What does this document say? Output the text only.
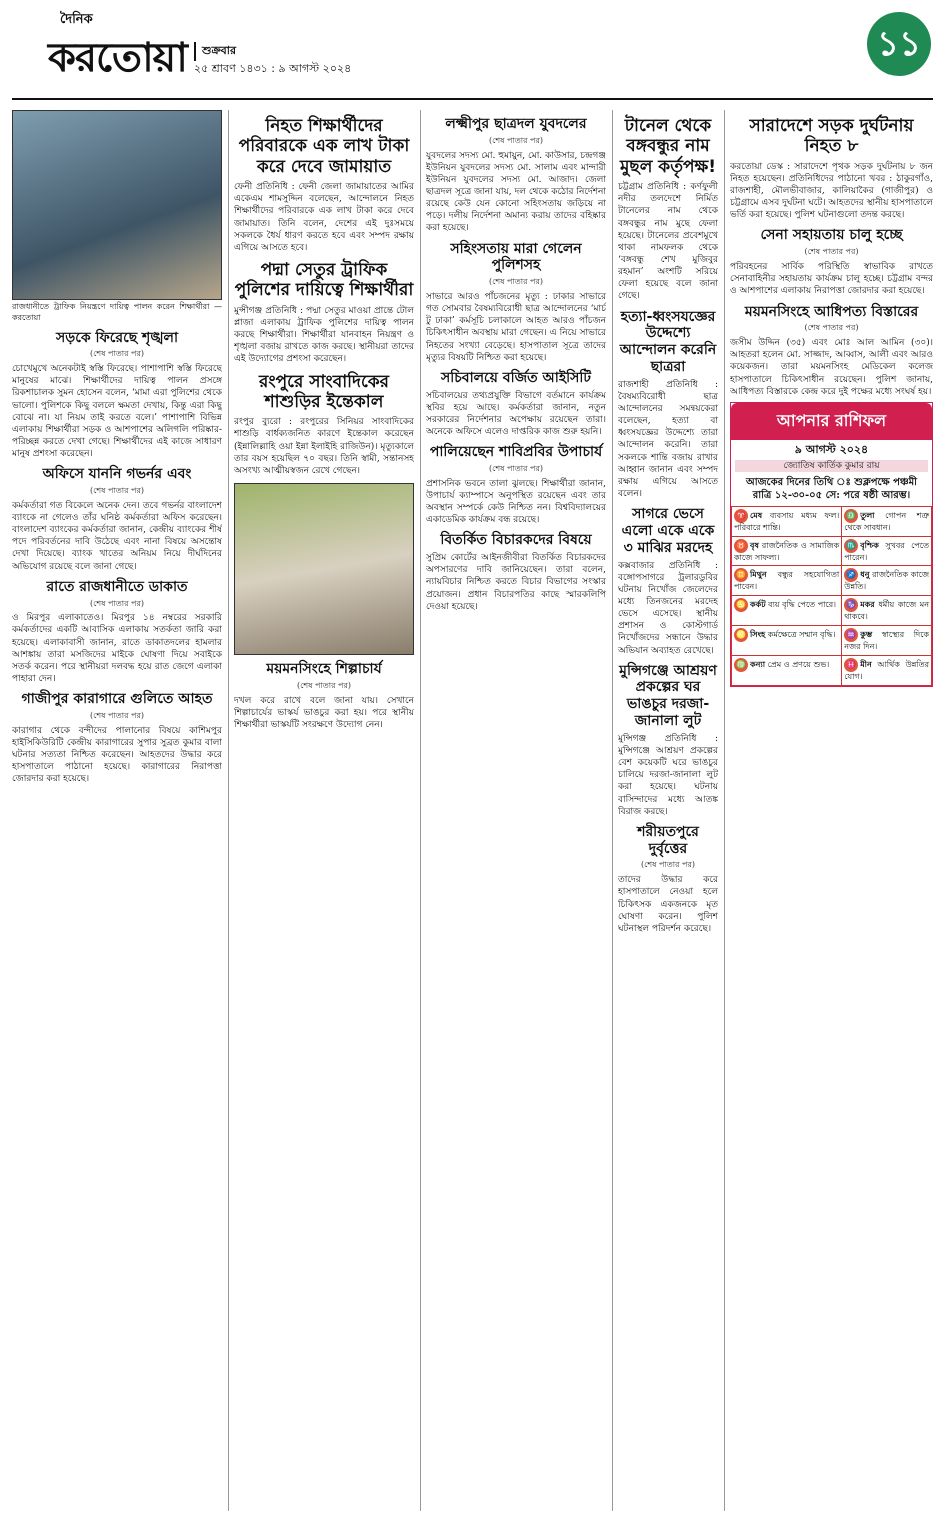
দৈনিক
করতোয়া	শুক্রবার
২৫ শ্রাবণ ১৪৩১ : ৯ আগস্ট ২০২৪
১১
রাজধানীতে ট্রাফিক নিয়ন্ত্রণে দায়িত্ব পালন করেন শিক্ষার্থীরা —করতোয়া
সড়কে ফিরেছে শৃঙ্খলা
(শেষ পাতার পর)

চোখেমুখে অনেকটাই স্বস্তি ফিরেছে। পাশাপাশি স্বস্তি ফিরেছে মানুষের মাঝে। শিক্ষার্থীদের দায়িত্ব পালন প্রসঙ্গে রিকশাচালক সুমন হোসেন বলেন, ‘মামা এরা পুলিশের থেকে ভালো। পুলিশকে কিছু বললে ক্ষমতা দেখায়, কিন্তু এরা কিছু বোঝে না। যা নিয়ম তাই করতে বলে।’ পাশাপাশি বিভিন্ন এলাকায় শিক্ষার্থীরা সড়ক ও আশপাশের অলিগলি পরিষ্কার-পরিচ্ছন্ন করতে দেখা গেছে। শিক্ষার্থীদের এই কাজে সাধারণ মানুষ প্রশংসা করেছেন।

অফিসে যাননি গভর্নর এবং
(শেষ পাতার পর)

কর্মকর্তারা গত বিকেলে অনেক দেন। তবে গভর্নর বাংলাদেশ ব্যাংকে না গেলেও তাঁর ঘনিষ্ঠ কর্মকর্তারা অফিস করেছেন। বাংলাদেশ ব্যাংকের কর্মকর্তারা জানান, কেন্দ্রীয় ব্যাংকের শীর্ষ পদে পরিবর্তনের দাবি উঠেছে এবং নানা বিষয়ে অসন্তোষ দেখা দিয়েছে। ব্যাংক খাতের অনিয়ম নিয়ে দীর্ঘদিনের অভিযোগ রয়েছে বলে জানা গেছে।

রাতে রাজধানীতে ডাকাত
(শেষ পাতার পর)

ও মিরপুর এলাকাতেও। মিরপুর ১৪ নম্বরের সরকারি কর্মকর্তাদের একটি আবাসিক এলাকায় সতর্কতা জারি করা হয়েছে। এলাকাবাসী জানান, রাতে ডাকাতদলের হামলার আশঙ্কায় তারা মসজিদের মাইকে ঘোষণা দিয়ে সবাইকে সতর্ক করেন। পরে স্থানীয়রা দলবদ্ধ হয়ে রাত জেগে এলাকা পাহারা দেন।

গাজীপুর কারাগারে গুলিতে আহত
(শেষ পাতার পর)

কারাগার থেকে বন্দীদের পালানোর বিষয়ে কাশিমপুর হাইসিকিউরিটি কেন্দ্রীয় কারাগারের সুপার সুব্রত কুমার বালা ঘটনার সত্যতা নিশ্চিত করেছেন। আহতদের উদ্ধার করে হাসপাতালে পাঠানো হয়েছে। কারাগারের নিরাপত্তা জোরদার করা হয়েছে।

নিহত শিক্ষার্থীদের পরিবারকে এক লাখ টাকা করে দেবে জামায়াত

ফেনী প্রতিনিধি : ফেনী জেলা জামায়াতের আমির একেএম শামসুদ্দিন বলেছেন, আন্দোলনে নিহত শিক্ষার্থীদের পরিবারকে এক লাখ টাকা করে দেবে জামায়াত। তিনি বলেন, দেশের এই দুঃসময়ে সকলকে ধৈর্য ধারণ করতে হবে এবং সম্পদ রক্ষায় এগিয়ে আসতে হবে।

পদ্মা সেতুর ট্রাফিক পুলিশের দায়িত্বে শিক্ষার্থীরা

মুন্সীগঞ্জ প্রতিনিধি : পদ্মা সেতুর মাওয়া প্রান্তে টোল প্লাজা এলাকায় ট্রাফিক পুলিশের দায়িত্ব পালন করছে শিক্ষার্থীরা। শিক্ষার্থীরা যানবাহন নিয়ন্ত্রণ ও শৃঙ্খলা বজায় রাখতে কাজ করছে। স্থানীয়রা তাদের এই উদ্যোগের প্রশংসা করেছেন।

রংপুরে সাংবাদিকের শাশুড়ির ইন্তেকাল

রংপুর ব্যুরো : রংপুরের সিনিয়র সাংবাদিকের শাশুড়ি বার্ধক্যজনিত কারণে ইন্তেকাল করেছেন (ইন্নালিল্লাহি ওয়া ইন্না ইলাইহি রাজিউন)। মৃত্যুকালে তার বয়স হয়েছিল ৭০ বছর। তিনি স্বামী, সন্তানসহ অসংখ্য আত্মীয়স্বজন রেখে গেছেন।

ময়মনসিংহে শিল্পাচার্য
(শেষ পাতার পর)

দখল করে রাখে বলে জানা যায়। সেখানে শিল্পাচার্যের ভাস্কর্য ভাঙচুর করা হয়। পরে স্থানীয় শিক্ষার্থীরা ভাস্কর্যটি সংরক্ষণে উদ্যোগ নেন।

লক্ষ্মীপুর ছাত্রদল যুবদলের
(শেষ পাতার পর)

যুবদলের সদস্য মো. হুমায়ুন, মো. কাউসার, চন্দ্রগঞ্জ ইউনিয়ন যুবদলের সদস্য মো. সালাম এবং মান্দারী ইউনিয়ন যুবদলের সদস্য মো. আজাদ। জেলা ছাত্রদল সূত্রে জানা যায়, দল থেকে কঠোর নির্দেশনা রয়েছে কেউ যেন কোনো সহিংসতায় জড়িয়ে না পড়ে। দলীয় নির্দেশনা অমান্য করায় তাদের বহিষ্কার করা হয়েছে।

সহিংসতায় মারা গেলেন পুলিশসহ
(শেষ পাতার পর)

সাভারে আরও পাঁচজনের মৃত্যু : ঢাকার সাভারে গত সোমবার বৈষম্যবিরোধী ছাত্র আন্দোলনের ‘মার্চ টু ঢাকা’ কর্মসূচি চলাকালে আহত আরও পাঁচজন চিকিৎসাধীন অবস্থায় মারা গেছেন। এ নিয়ে সাভারে নিহতের সংখ্যা বেড়েছে। হাসপাতাল সূত্রে তাদের মৃত্যুর বিষয়টি নিশ্চিত করা হয়েছে।

সচিবালয়ে বর্জিত আইসিটি

সচিবালয়ের তথ্যপ্রযুক্তি বিভাগে বর্তমানে কার্যক্রম স্থবির হয়ে আছে। কর্মকর্তারা জানান, নতুন সরকারের নির্দেশনার অপেক্ষায় রয়েছেন তারা। অনেকে অফিসে এলেও দাপ্তরিক কাজ শুরু হয়নি।

পালিয়েছেন শাবিপ্রবির উপাচার্য
(শেষ পাতার পর)

প্রশাসনিক ভবনে তালা ঝুলছে। শিক্ষার্থীরা জানান, উপাচার্য ক্যাম্পাসে অনুপস্থিত রয়েছেন এবং তার অবস্থান সম্পর্কে কেউ নিশ্চিত নন। বিশ্ববিদ্যালয়ের একাডেমিক কার্যক্রম বন্ধ রয়েছে।

বিতর্কিত বিচারকদের বিষয়ে

সুপ্রিম কোর্টের আইনজীবীরা বিতর্কিত বিচারকদের অপসারণের দাবি জানিয়েছেন। তারা বলেন, ন্যায়বিচার নিশ্চিত করতে বিচার বিভাগের সংস্কার প্রয়োজন। প্রধান বিচারপতির কাছে স্মারকলিপি দেওয়া হয়েছে।

টানেল থেকে বঙ্গবন্ধুর নাম মুছল কর্তৃপক্ষ!

চট্টগ্রাম প্রতিনিধি : কর্ণফুলী নদীর তলদেশে নির্মিত টানেলের নাম থেকে বঙ্গবন্ধুর নাম মুছে ফেলা হয়েছে। টানেলের প্রবেশমুখে থাকা নামফলক থেকে ‘বঙ্গবন্ধু শেখ মুজিবুর রহমান’ অংশটি সরিয়ে ফেলা হয়েছে বলে জানা গেছে।

হত্যা-ধ্বংসযজ্ঞের উদ্দেশ্যে আন্দোলন করেনি ছাত্ররা

রাজশাহী প্রতিনিধি : বৈষম্যবিরোধী ছাত্র আন্দোলনের সমন্বয়কেরা বলেছেন, হত্যা বা ধ্বংসযজ্ঞের উদ্দেশ্যে তারা আন্দোলন করেনি। তারা সকলকে শান্তি বজায় রাখার আহ্বান জানান এবং সম্পদ রক্ষায় এগিয়ে আসতে বলেন।

সাগরে ভেসে এলো একে একে ৩ মাঝির মরদেহ

কক্সবাজার প্রতিনিধি : বঙ্গোপসাগরে ট্রলারডুবির ঘটনায় নিখোঁজ জেলেদের মধ্যে তিনজনের মরদেহ ভেসে এসেছে। স্থানীয় প্রশাসন ও কোস্টগার্ড নিখোঁজদের সন্ধানে উদ্ধার অভিযান অব্যাহত রেখেছে।

মুন্সিগঞ্জে আশ্রয়ণ প্রকল্পের ঘর ভাঙচুর দরজা-জানালা লুট

মুন্সিগঞ্জ প্রতিনিধি : মুন্সিগঞ্জে আশ্রয়ণ প্রকল্পের বেশ কয়েকটি ঘরে ভাঙচুর চালিয়ে দরজা-জানালা লুট করা হয়েছে। ঘটনায় বাসিন্দাদের মধ্যে আতঙ্ক বিরাজ করছে।

শরীয়তপুরে দুর্বৃত্তের
(শেষ পাতার পর)

তাদের উদ্ধার করে হাসপাতালে নেওয়া হলে চিকিৎসক একজনকে মৃত ঘোষণা করেন। পুলিশ ঘটনাস্থল পরিদর্শন করেছে।

সারাদেশে সড়ক দুর্ঘটনায় নিহত ৮

করতোয়া ডেস্ক : সারাদেশে পৃথক সড়ক দুর্ঘটনায় ৮ জন নিহত হয়েছেন। প্রতিনিধিদের পাঠানো খবর : ঠাকুরগাঁও, রাজশাহী, মৌলভীবাজার, কালিয়াকৈর (গাজীপুর) ও চট্টগ্রামে এসব দুর্ঘটনা ঘটে। আহতদের স্থানীয় হাসপাতালে ভর্তি করা হয়েছে। পুলিশ ঘটনাগুলো তদন্ত করছে।

সেনা সহায়তায় চালু হচ্ছে
(শেষ পাতার পর)

পরিবহনের সার্বিক পরিস্থিতি স্বাভাবিক রাখতে সেনাবাহিনীর সহায়তায় কার্যক্রম চালু হচ্ছে। চট্টগ্রাম বন্দর ও আশপাশের এলাকায় নিরাপত্তা জোরদার করা হয়েছে।

ময়মনসিংহে আধিপত্য বিস্তারের
(শেষ পাতার পর)

জসীম উদ্দিন (৩৫) এবং মোঃ আল আমিন (৩০)। আহতরা হলেন মো. সাজ্জাদ, আব্বাস, আলী এবং আরও কয়েকজন। তারা ময়মনসিংহ মেডিকেল কলেজ হাসপাতালে চিকিৎসাধীন রয়েছেন। পুলিশ জানায়, আধিপত্য বিস্তারকে কেন্দ্র করে দুই পক্ষের মধ্যে সংঘর্ষ হয়।

আপনার রাশিফল
৯ আগস্ট ২০২৪
জ্যোতিষ কার্তিক কুমার রায়
আজকের দিনের তিথি ঃ শুক্লপক্ষে পঞ্চমী
রাত্রি ১২-৩০-০৫ সে: পরে ষষ্ঠী আরম্ভ।
♈ মেষ ব্যবসায় মধ্যম ফল। পরিবারে শান্তি।	♎ তুলা গোপন শত্রু থেকে সাবধান।
♉ বৃষ রাজনৈতিক ও সামাজিক কাজে সাফল্য।	♏ বৃশ্চিক সুখবর পেতে পারেন।
♊ মিথুন বন্ধুর সহযোগিতা পাবেন।	♐ ধনু রাজনৈতিক কাজে উন্নতি।
♋ কর্কট ব্যয় বৃদ্ধি পেতে পারে।	♑ মকর ধর্মীয় কাজে মন থাকবে।
♌ সিংহ কর্মক্ষেত্রে সম্মান বৃদ্ধি।	♒ কুম্ভ স্বাস্থ্যের দিকে নজর দিন।
♍ কন্যা প্রেম ও প্রণয়ে শুভ।	♓ মীন আর্থিক উন্নতির যোগ।
